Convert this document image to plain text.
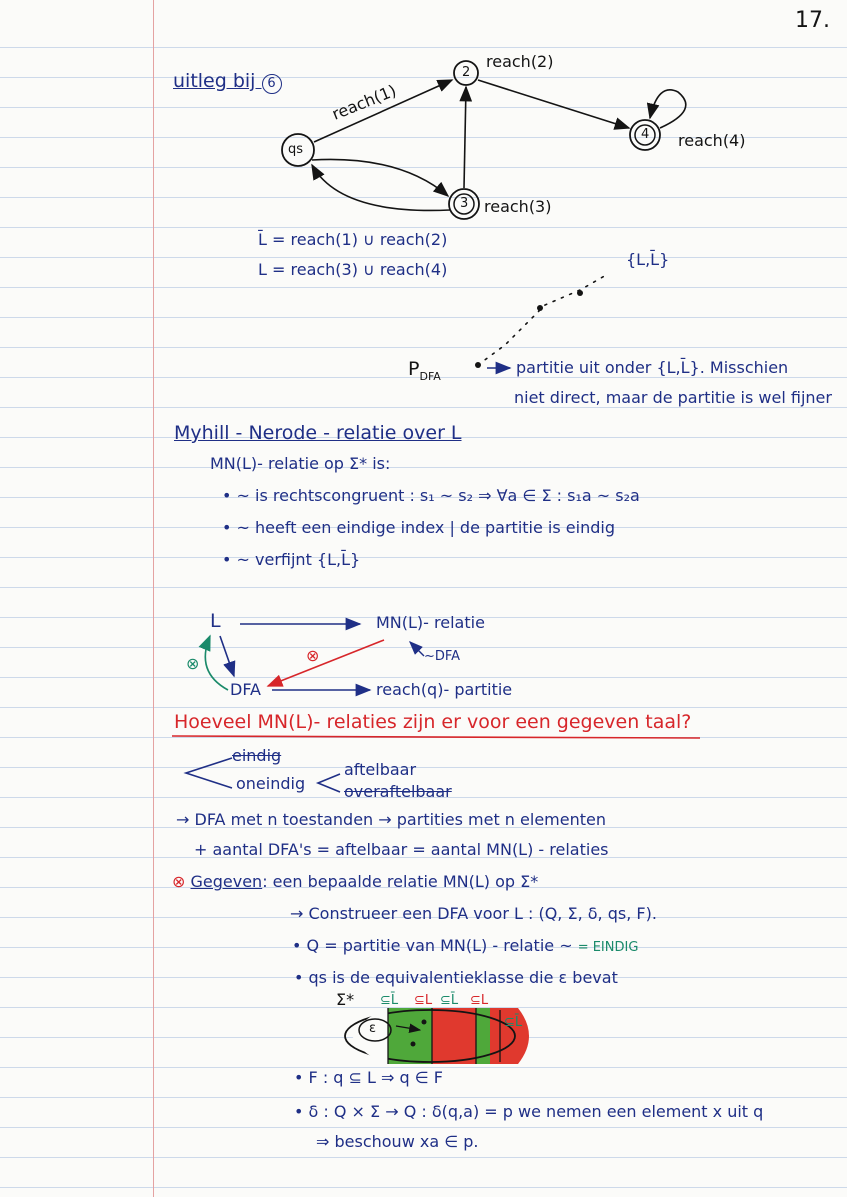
17.
uitleg bij 6
qs
2
3
4
reach(1)
reach(2)
reach(3)
reach(4)
L̄ = reach(1) ∪ reach(2)
L = reach(3) ∪ reach(4)
{L,L̄}
$P_{DFA}$	partitie uit onder {L,L̄}. Misschien
niet direct, maar de partitie is wel fijner
Myhill - Nerode - relatie over L
MN(L)- relatie op Σ* is:
• ~ is rechtscongruent : s₁ ~ s₂ ⇒ ∀a ∈ Σ : s₁a ~ s₂a
• ~ heeft een eindige index | de partitie is eindig
• ~ verfijnt {L,L̄}
L	MN(L)- relatie
~DFA
⊗
⊗
DFA	reach(q)- partitie
Hoeveel MN(L)- relaties zijn er voor een gegeven taal?
eindig
oneindig
aftelbaar
overaftelbaar
→ DFA met n toestanden → partities met n elementen
+ aantal DFA's = aftelbaar = aantal MN(L) - relaties
⊗ Gegeven: een bepaalde relatie MN(L) op Σ*
→ Construeer een DFA voor L : (Q, Σ, δ, qs, F).
• Q = partitie van MN(L) - relatie ~ = EINDIG
• qs is de equivalentieklasse die ε bevat
Σ* ⊆L̄ ⊆L ⊆L̄ ⊆L
⊆L̄
ε
• F : q ⊆ L ⇒ q ∈ F
• δ : Q × Σ → Q : δ(q,a) = p we nemen een element x uit q
⇒ beschouw xa ∈ p.
